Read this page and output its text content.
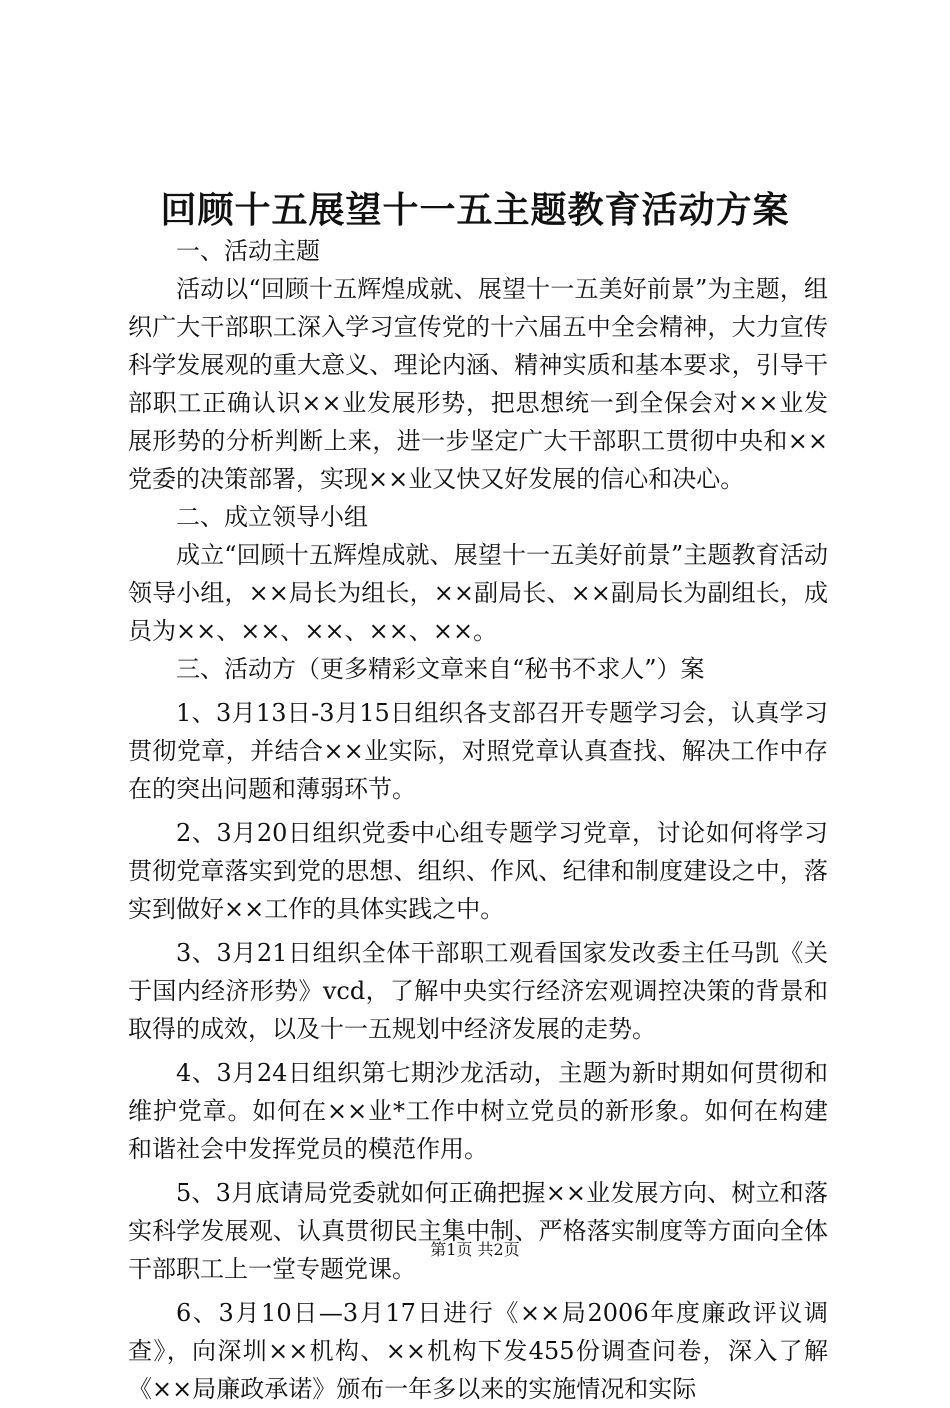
回顾十五展望十一五主题教育活动方案

一、活动主题

活动以“回顾十五辉煌成就、展望十一五美好前景”为主题，组织广大干部职工深入学习宣传党的十六届五中全会精神，大力宣传科学发展观的重大意义、理论内涵、精神实质和基本要求，引导干部职工正确认识××业发展形势，把思想统一到全保会对××业发展形势的分析判断上来，进一步坚定广大干部职工贯彻中央和××党委的决策部署，实现××业又快又好发展的信心和决心。

二、成立领导小组

成立“回顾十五辉煌成就、展望十一五美好前景”主题教育活动领导小组，××局长为组长，××副局长、××副局长为副组长，成员为××、××、××、××、××。

三、活动方（更多精彩文章来自“秘书不求人”）案

1、3月13日-3月15日组织各支部召开专题学习会，认真学习贯彻党章，并结合××业实际，对照党章认真查找、解决工作中存在的突出问题和薄弱环节。

2、3月20日组织党委中心组专题学习党章，讨论如何将学习贯彻党章落实到党的思想、组织、作风、纪律和制度建设之中，落实到做好××工作的具体实践之中。

3、3月21日组织全体干部职工观看国家发改委主任马凯《关于国内经济形势》vcd，了解中央实行经济宏观调控决策的背景和取得的成效，以及十一五规划中经济发展的走势。

4、3月24日组织第七期沙龙活动，主题为新时期如何贯彻和维护党章。如何在××业*工作中树立党员的新形象。如何在构建和谐社会中发挥党员的模范作用。

5、3月底请局党委就如何正确把握××业发展方向、树立和落实科学发展观、认真贯彻民主集中制、严格落实制度等方面向全体干部职工上一堂专题党课。

6、3月10日—3月17日进行《××局2006年度廉政评议调查》，向深圳××机构、××机构下发455份调查问卷，深入了解《××局廉政承诺》颁布一年多以来的实施情况和实际

第1页 共2页
